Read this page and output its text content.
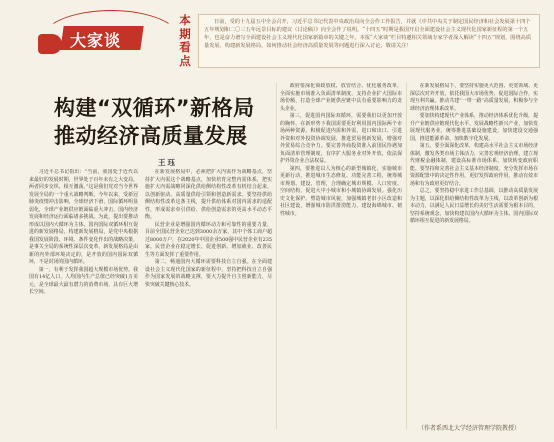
大家谈
本期看点
日前，受的十九届五中全会召开，习近平总书记代表中央政治局向全会作工作报告，并就《中共中央关于制定国民经济和社会发展第十四个五年规划和二〇三五年远景目标的建议（讨论稿）》向全会作了说明。“十四五”时期是我国开启全面建设社会主义现代化国家新征程的第一个五年，也是奋力谱写全面建设社会主义现代化国家新篇章的关键之年。本报“大家谈”栏目特邀相关领域专家学者深入解读“十四五”规划，围绕高质量发展、构建新发展格局，如何推动社会经济高质量发展等问题进行深入讨论，敬请关注！
构建“双循环”新格局
推动经济高质量发展
王珏

习近平总书记指出：“当前，我国处于近代以来最好的发展时期，世界处于百年未有之大变局，两者同步交织、相互激荡。”这是我们党对当今世界发展全局的一个重大战略判断。今年以来，受新冠肺炎疫情冲击影响，全球经济下滑，国际循环明显弱化，全球产业链供应链面临重大冲击，国内经济发展和经济运行面临诸多挑战。为此，提出要推动形成以国内大循环为主体、国内国际双循环相互促进的新发展格局。构建新发展格局，是党中央根据我国发展阶段、环境、条件变化作出的战略决策，是事关全局的系统性深层次变革。新发展格局是由新的内外部环境决定的，是开放的国内国际双循环，不是封闭的国内循环。

第一，有利于发挥我国超大规模市场优势。我国有14亿人口，人均国内生产总值已经突破1万美元，是全球最大最有潜力的消费市场，具有巨大增长空间。

在新发展格局中，必须把扩大内需作为战略基点，坚持扩大内需这个战略基点，加快培育完整内需体系，把实施扩大内需战略同深化供给侧结构性改革有机结合起来，以创新驱动、高质量供给引领和创造新需求。要坚持供给侧结构性改革这条主线，提升供给体系对国内需求的适配性，形成需求牵引供给、供给创造需求的更高水平动态平衡。

民营企业是增强国内循环动力和可靠性的重要力量，目前全国民营企业已达到3000余万家，其中个体工商户超过8000万户，在2020年中国企业500强中民营企业有235家。民营企业在稳定增长、促进创新、增加就业、改善民生等方面发挥了重要作用。

第二，畅通国内大循环需要科技自立自强。在全面建设社会主义现代化国家的新征程中，坚持把科技自立自强作为国家发展的战略支撑，要大力提升自主创新能力，尽快突破关键核心技术。

政府要深化简政放权、放管结合、优化服务改革，全面实施市场准入负面清单制度，支持企业扩大国际市场份额，打造全球产业链供应链中具有重要影响力的龙头企业。

第三，促进国内国际双循环，需要我们以更加开放的胸怀。在新形势下我国需要更好利用国内国际两个市场两种资源，积极促进内需和外需、进口和出口、引进外资和对外投资协调发展，推进贸易创新发展，增强对外贸易综合竞争力。要完善外商投资准入前国民待遇加负面清单管理制度，有序扩大服务业对外开放，依法保护外资企业合法权益。

第四，要推进以人为核心的新型城镇化，实施城市更新行动，推进城市生态修复、功能完善工程，统筹城市规划、建设、管理，合理确定城市规模、人口密度、空间结构，促进大中小城市和小城镇协调发展。强化历史文化保护、塑造城市风貌，加强城镇老旧小区改造和社区建设，增强城市防洪排涝能力，建设海绵城市、韧性城市。

在新发展格局下，要坚持实施更大范围、更宽领域、更深层次对外开放，依托我国大市场优势，促进国际合作，实现互利共赢。推动共建“一带一路”高质量发展，积极参与全球经济治理体系改革。

要加快构建现代产业体系，推动经济体系优化升级，提升产业链供应链现代化水平，发展战略性新兴产业，加快发展现代服务业，统筹推进基础设施建设，加快建设交通强国，推进能源革命，加快数字化发展。

第五，要全面深化改革，构建高水平社会主义市场经济体制，激发各类市场主体活力，完善宏观经济治理，建立现代财税金融体制，建设高标准市场体系，加快转变政府职能。要坚持和完善社会主义基本经济制度，充分发挥市场在资源配置中的决定性作用，更好发挥政府作用，推动有效市场和有为政府更好结合。

总之，要坚持稳中求进工作总基调，以推动高质量发展为主题，以深化供给侧结构性改革为主线，以改革创新为根本动力，以满足人民日益增长的美好生活需要为根本目的，坚持系统观念，加快构建以国内大循环为主体、国内国际双循环相互促进的新发展格局。

（作者系西北大学经济管理学院教授）
